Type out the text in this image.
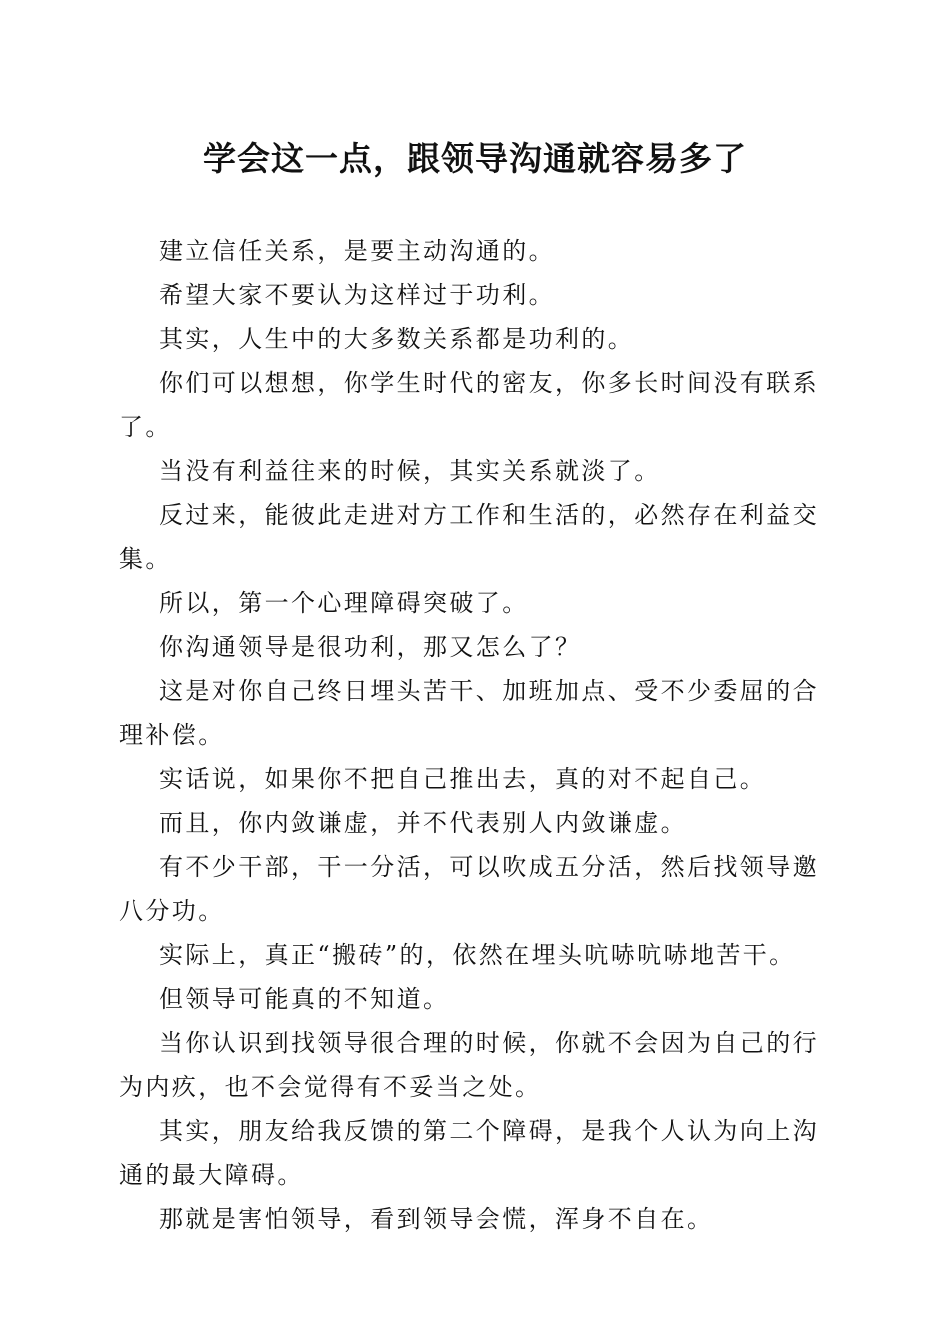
学会这一点，跟领导沟通就容易多了

建立信任关系，是要主动沟通的。

希望大家不要认为这样过于功利。

其实，人生中的大多数关系都是功利的。

你们可以想想，你学生时代的密友，你多长时间没有联系了。

当没有利益往来的时候，其实关系就淡了。

反过来，能彼此走进对方工作和生活的，必然存在利益交集。

所以，第一个心理障碍突破了。

你沟通领导是很功利，那又怎么了？

这是对你自己终日埋头苦干、加班加点、受不少委屈的合理补偿。

实话说，如果你不把自己推出去，真的对不起自己。

而且，你内敛谦虚，并不代表别人内敛谦虚。

有不少干部，干一分活，可以吹成五分活，然后找领导邀八分功。

实际上，真正“搬砖”的，依然在埋头吭哧吭哧地苦干。

但领导可能真的不知道。

当你认识到找领导很合理的时候，你就不会因为自己的行为内疚，也不会觉得有不妥当之处。

其实，朋友给我反馈的第二个障碍，是我个人认为向上沟通的最大障碍。

那就是害怕领导，看到领导会慌，浑身不自在。
